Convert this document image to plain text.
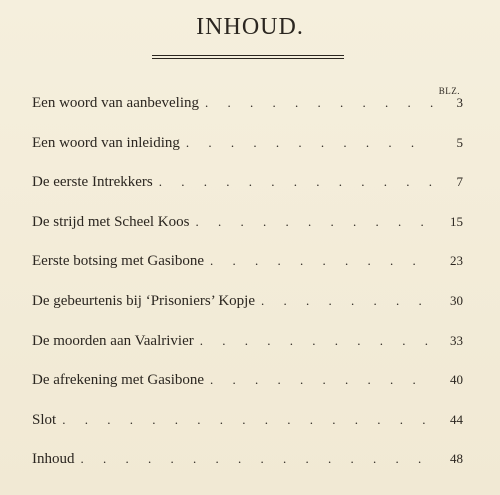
INHOUD.
BLZ.
Een woord van aanbeveling . . .	3
Een woord van inleiding . . .	5
De eerste Intrekkers . . .	7
De strijd met Scheel Koos . . .	15
Eerste botsing met Gasibone . . .	23
De gebeurtenis bij ‘Prisoniers’ Kopje . . .	30
De moorden aan Vaalrivier . . .	33
De afrekening met Gasibone . . .	40
Slot . . .	44
Inhoud . . .	48
